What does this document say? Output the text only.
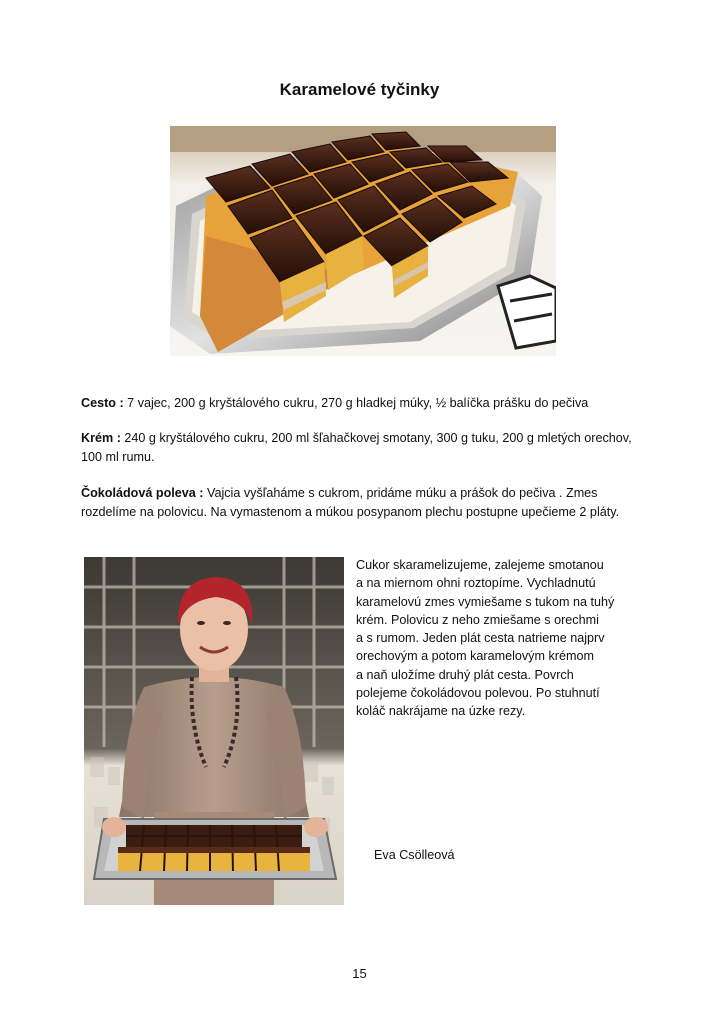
Karamelové tyčinky
Cesto : 7 vajec, 200 g kryštálového cukru, 270 g hladkej múky, ½ balíčka prášku do pečiva
Krém : 240 g kryštálového cukru, 200 ml šľahačkovej smotany, 300 g tuku, 200 g mletých orechov, 100 ml rumu.
Čokoládová poleva : Vajcia vyšľaháme s cukrom, pridáme múku a prášok do pečiva . Zmes rozdelíme na polovicu. Na vymastenom a múkou posypanom plechu postupne upečieme 2 pláty.
Cukor skaramelizujeme, zalejeme smotanou
a na miernom ohni roztopíme. Vychladnutú
karamelovú zmes vymiešame s tukom na tuhý
krém. Polovicu z neho zmiešame s orechmi
a s rumom. Jeden plát cesta natrieme najprv
orechovým a potom karamelovým krémom
a naň uložíme druhý plát cesta. Povrch
polejeme čokoládovou polevou. Po stuhnutí
koláč nakrájame na úzke rezy.
Eva Csölleová
15
